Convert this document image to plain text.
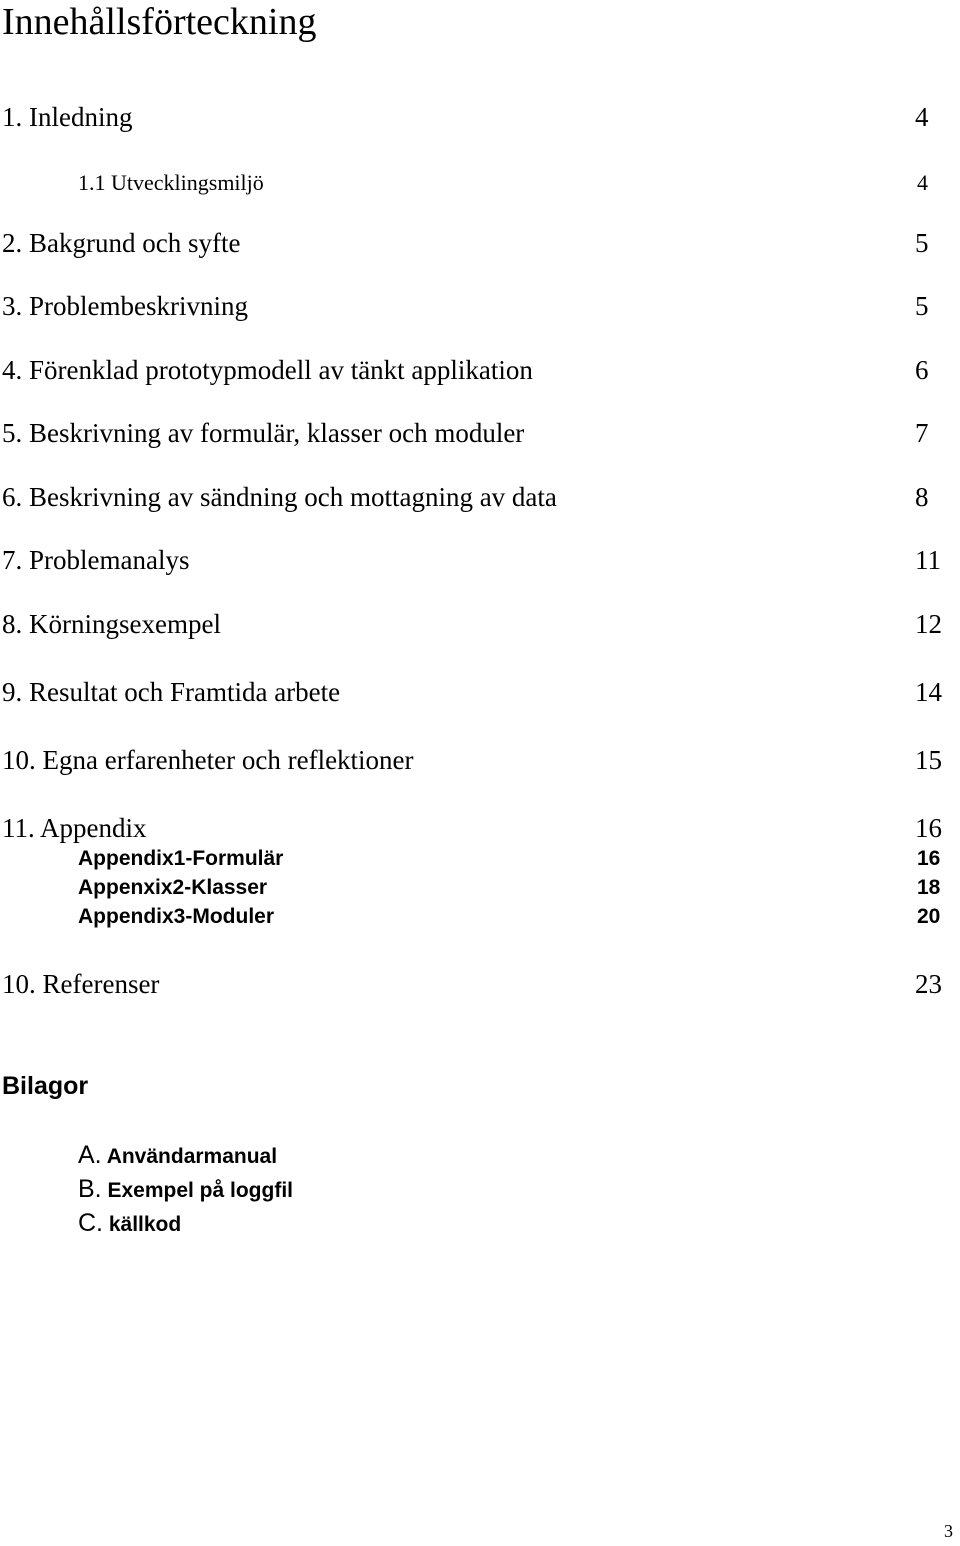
Innehållsförteckning
1. Inledning	4
1.1 Utvecklingsmiljö	4
2. Bakgrund och syfte	5
3. Problembeskrivning	5
4. Förenklad prototypmodell av tänkt applikation	6
5. Beskrivning av formulär, klasser och moduler	7
6. Beskrivning av sändning och mottagning av data	8
7. Problemanalys	11
8. Körningsexempel	12
9. Resultat och Framtida arbete	14
10. Egna erfarenheter och reflektioner	15
11. Appendix	16
Appendix1-Formulär	16
Appenxix2-Klasser	18
Appendix3-Moduler	20
10. Referenser	23
Bilagor
A. Användarmanual
B. Exempel på loggfil
C. källkod
3
